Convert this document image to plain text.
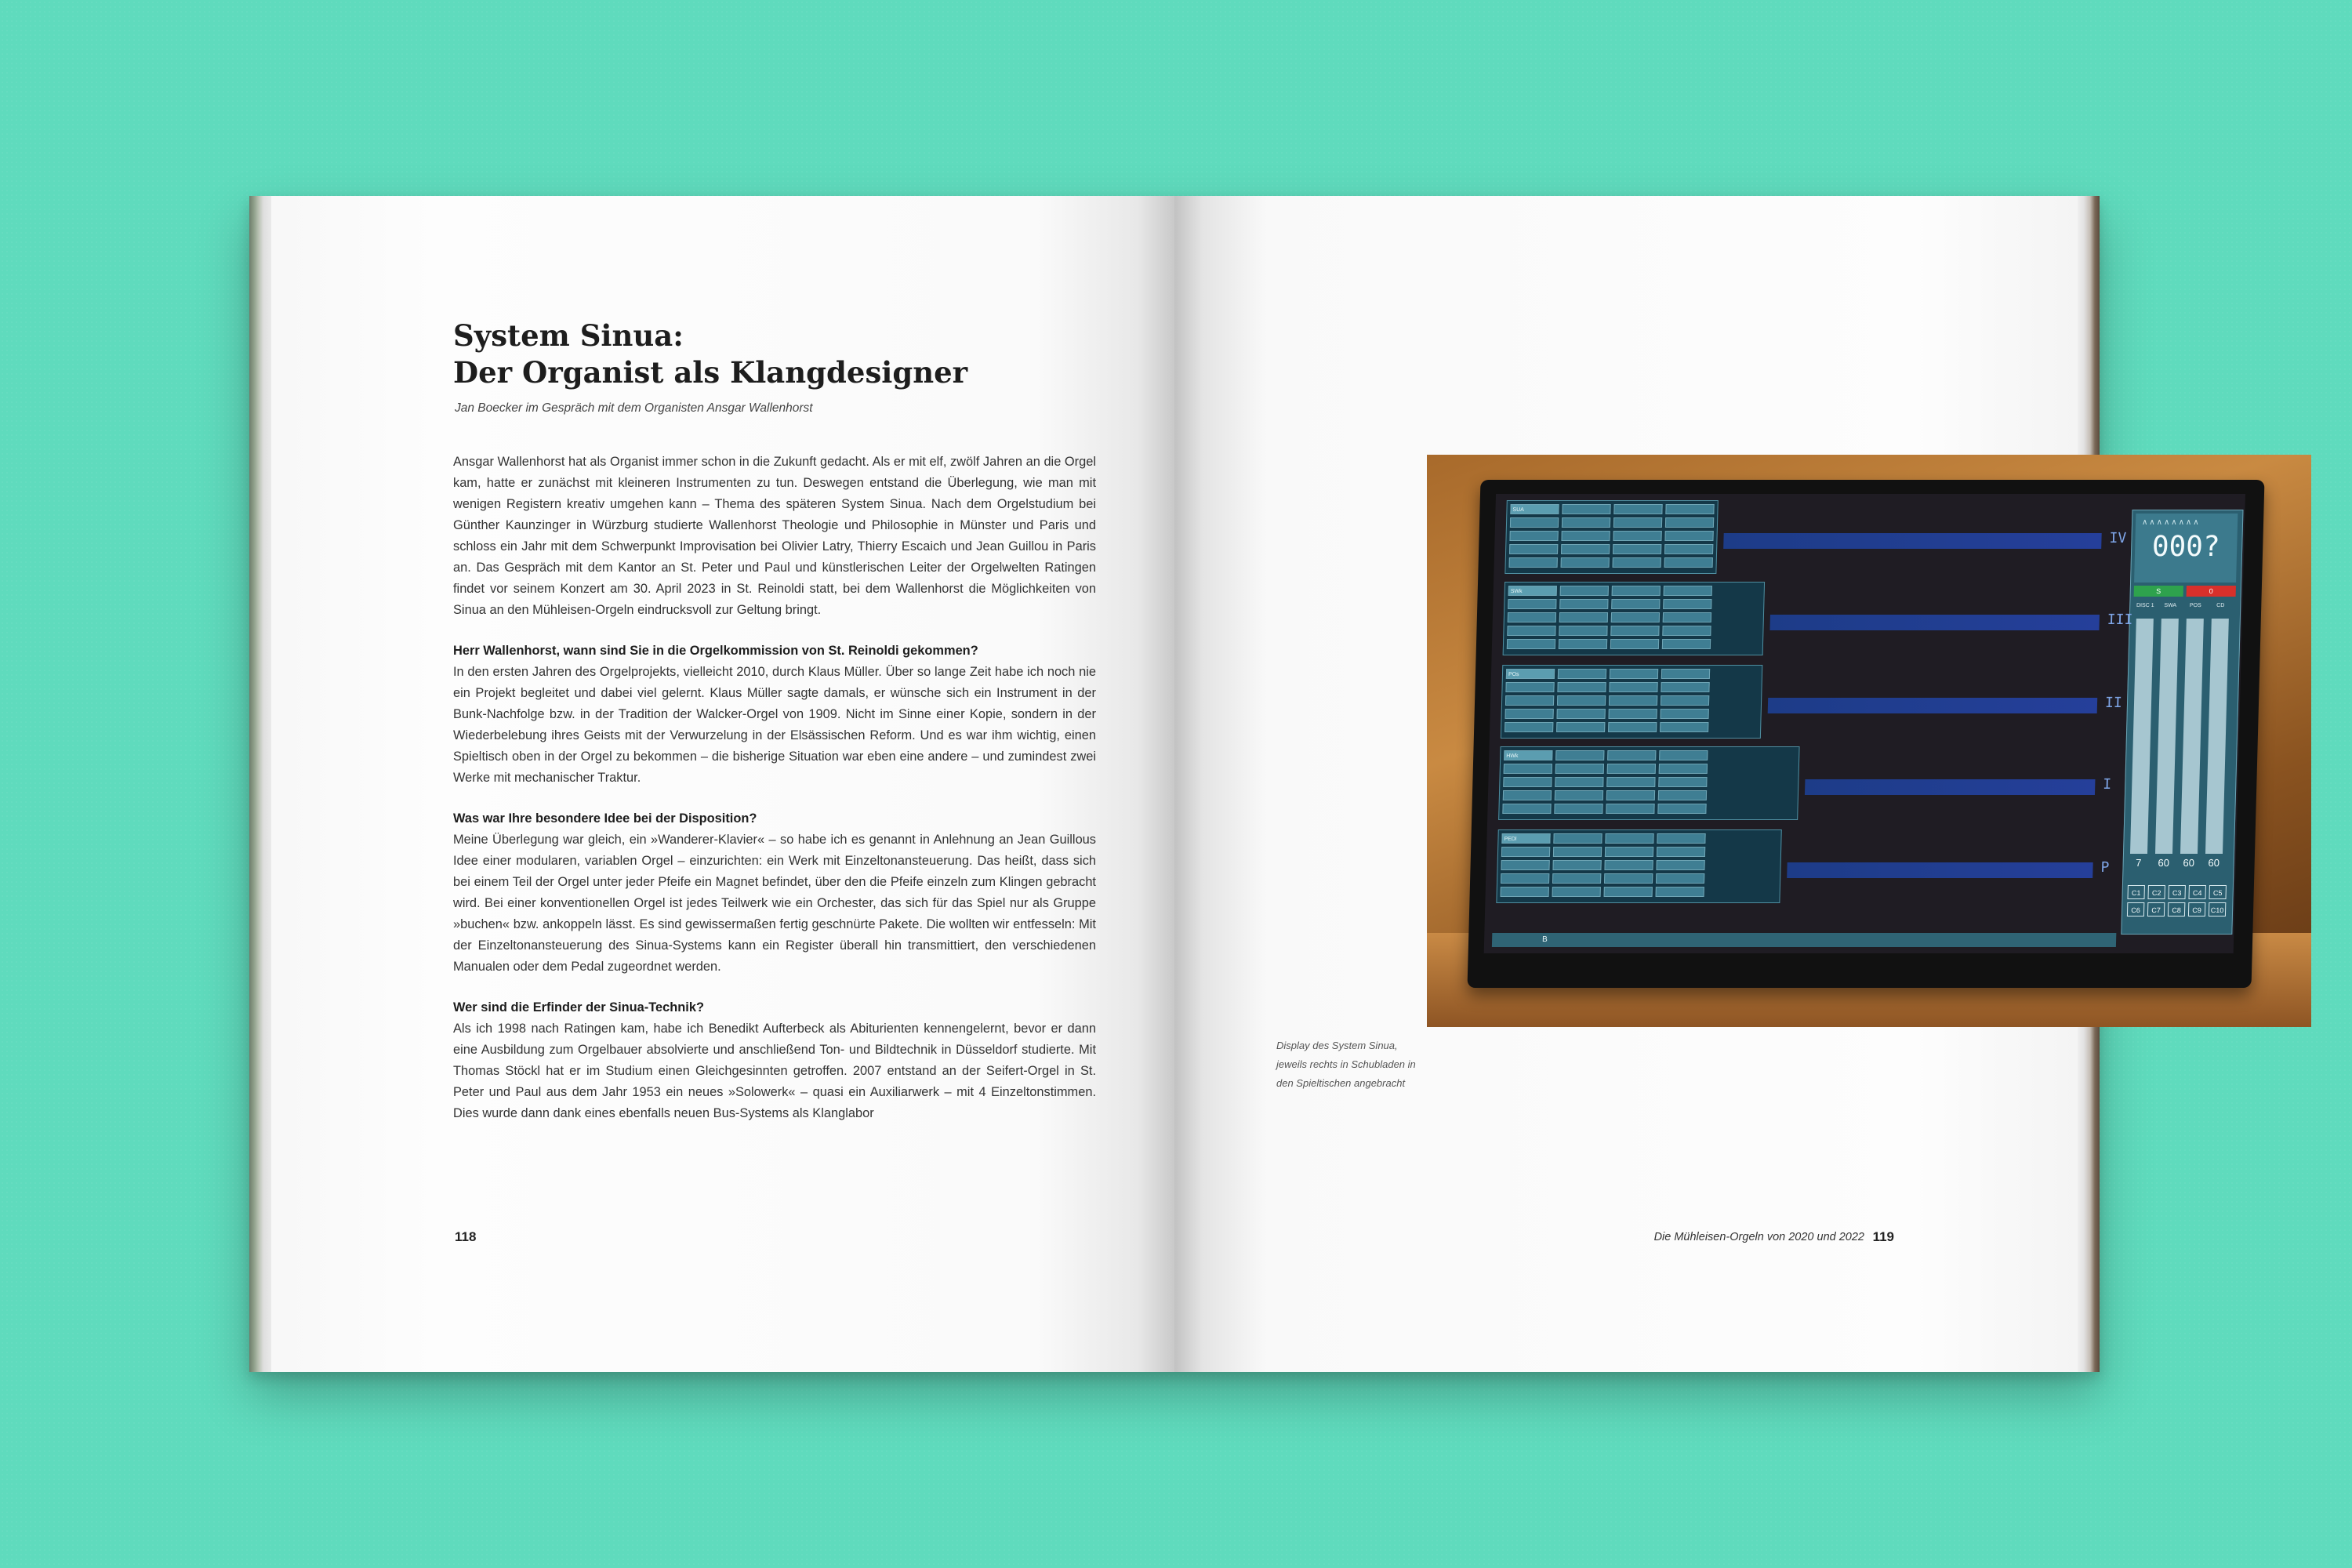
System Sinua:
Der Organist als Klangdesigner
Jan Boecker im Gespräch mit dem Organisten Ansgar Wallenhorst

Ansgar Wallenhorst hat als Organist immer schon in die Zukunft gedacht. Als er mit elf, zwölf Jahren an die Orgel kam, hatte er zunächst mit kleineren Instrumenten zu tun. Deswegen entstand die Überlegung, wie man mit wenigen Registern kreativ umgehen kann – Thema des späteren System Sinua. Nach dem Orgelstudium bei Günther Kaunzinger in Würzburg studierte Wallenhorst Theologie und Philosophie in Münster und Paris und schloss ein Jahr mit dem Schwerpunkt Improvisation bei Olivier Latry, Thierry Escaich und Jean Guillou in Paris an. Das Gespräch mit dem Kantor an St. Peter und Paul und künstlerischen Leiter der Orgelwelten Ratingen findet vor seinem Konzert am 30. April 2023 in St. Reinoldi statt, bei dem Wallenhorst die Möglichkeiten von Sinua an den Mühleisen-Orgeln eindrucksvoll zur Geltung bringt.

Herr Wallenhorst, wann sind Sie in die Orgelkommission von St. Reinoldi gekommen?
In den ersten Jahren des Orgelprojekts, vielleicht 2010, durch Klaus Müller. Über so lange Zeit habe ich noch nie ein Projekt begleitet und dabei viel gelernt. Klaus Müller sagte damals, er wünsche sich ein Instrument in der Bunk-Nachfolge bzw. in der Tradition der Walcker-Orgel von 1909. Nicht im Sinne einer Kopie, sondern in der Wiederbelebung ihres Geists mit der Verwurzelung in der Elsässischen Reform. Und es war ihm wichtig, einen Spieltisch oben in der Orgel zu bekommen – die bisherige Situation war eben eine andere – und zumindest zwei Werke mit mechanischer Traktur.

Was war Ihre besondere Idee bei der Disposition?
Meine Überlegung war gleich, ein »Wanderer-Klavier« – so habe ich es genannt in Anlehnung an Jean Guillous Idee einer modularen, variablen Orgel – einzurichten: ein Werk mit Einzeltonansteuerung. Das heißt, dass sich bei einem Teil der Orgel unter jeder Pfeife ein Magnet befindet, über den die Pfeife einzeln zum Klingen gebracht wird. Bei einer konventionellen Orgel ist jedes Teilwerk wie ein Orchester, das sich für das Spiel nur als Gruppe »buchen« bzw. ankoppeln lässt. Es sind gewissermaßen fertig geschnürte Pakete. Die wollten wir entfesseln: Mit der Einzeltonansteuerung des Sinua-Systems kann ein Register überall hin transmittiert, den verschiedenen Manualen oder dem Pedal zugeordnet werden.

Wer sind die Erfinder der Sinua-Technik?
Als ich 1998 nach Ratingen kam, habe ich Benedikt Aufterbeck als Abiturienten kennengelernt, bevor er dann eine Ausbildung zum Orgelbauer absolvierte und anschließend Ton- und Bildtechnik in Düsseldorf studierte. Mit Thomas Stöckl hat er im Studium einen Gleichgesinnten getroffen. 2007 entstand an der Seifert-Orgel in St. Peter und Paul aus dem Jahr 1953 ein neues »Solowerk« – quasi ein Auxiliarwerk – mit 4 Einzeltonstimmen. Dies wurde dann dank eines ebenfalls neuen Bus-Systems als Klanglabor

118
∧∧∧∧∧∧∧∧
000?
S	0
DISC 1
7
SWA
60
POS
60
CD
60
C1	C2	C3	C4	C5
C6	C7	C8	C9	C10
B
SUA
IV
SWk
III
POs
II
HWk
I
PEDl
P
Display des System Sinua,
jeweils rechts in Schubladen in
den Spieltischen angebracht
Die Mühleisen-Orgeln von 2020 und 2022 119
